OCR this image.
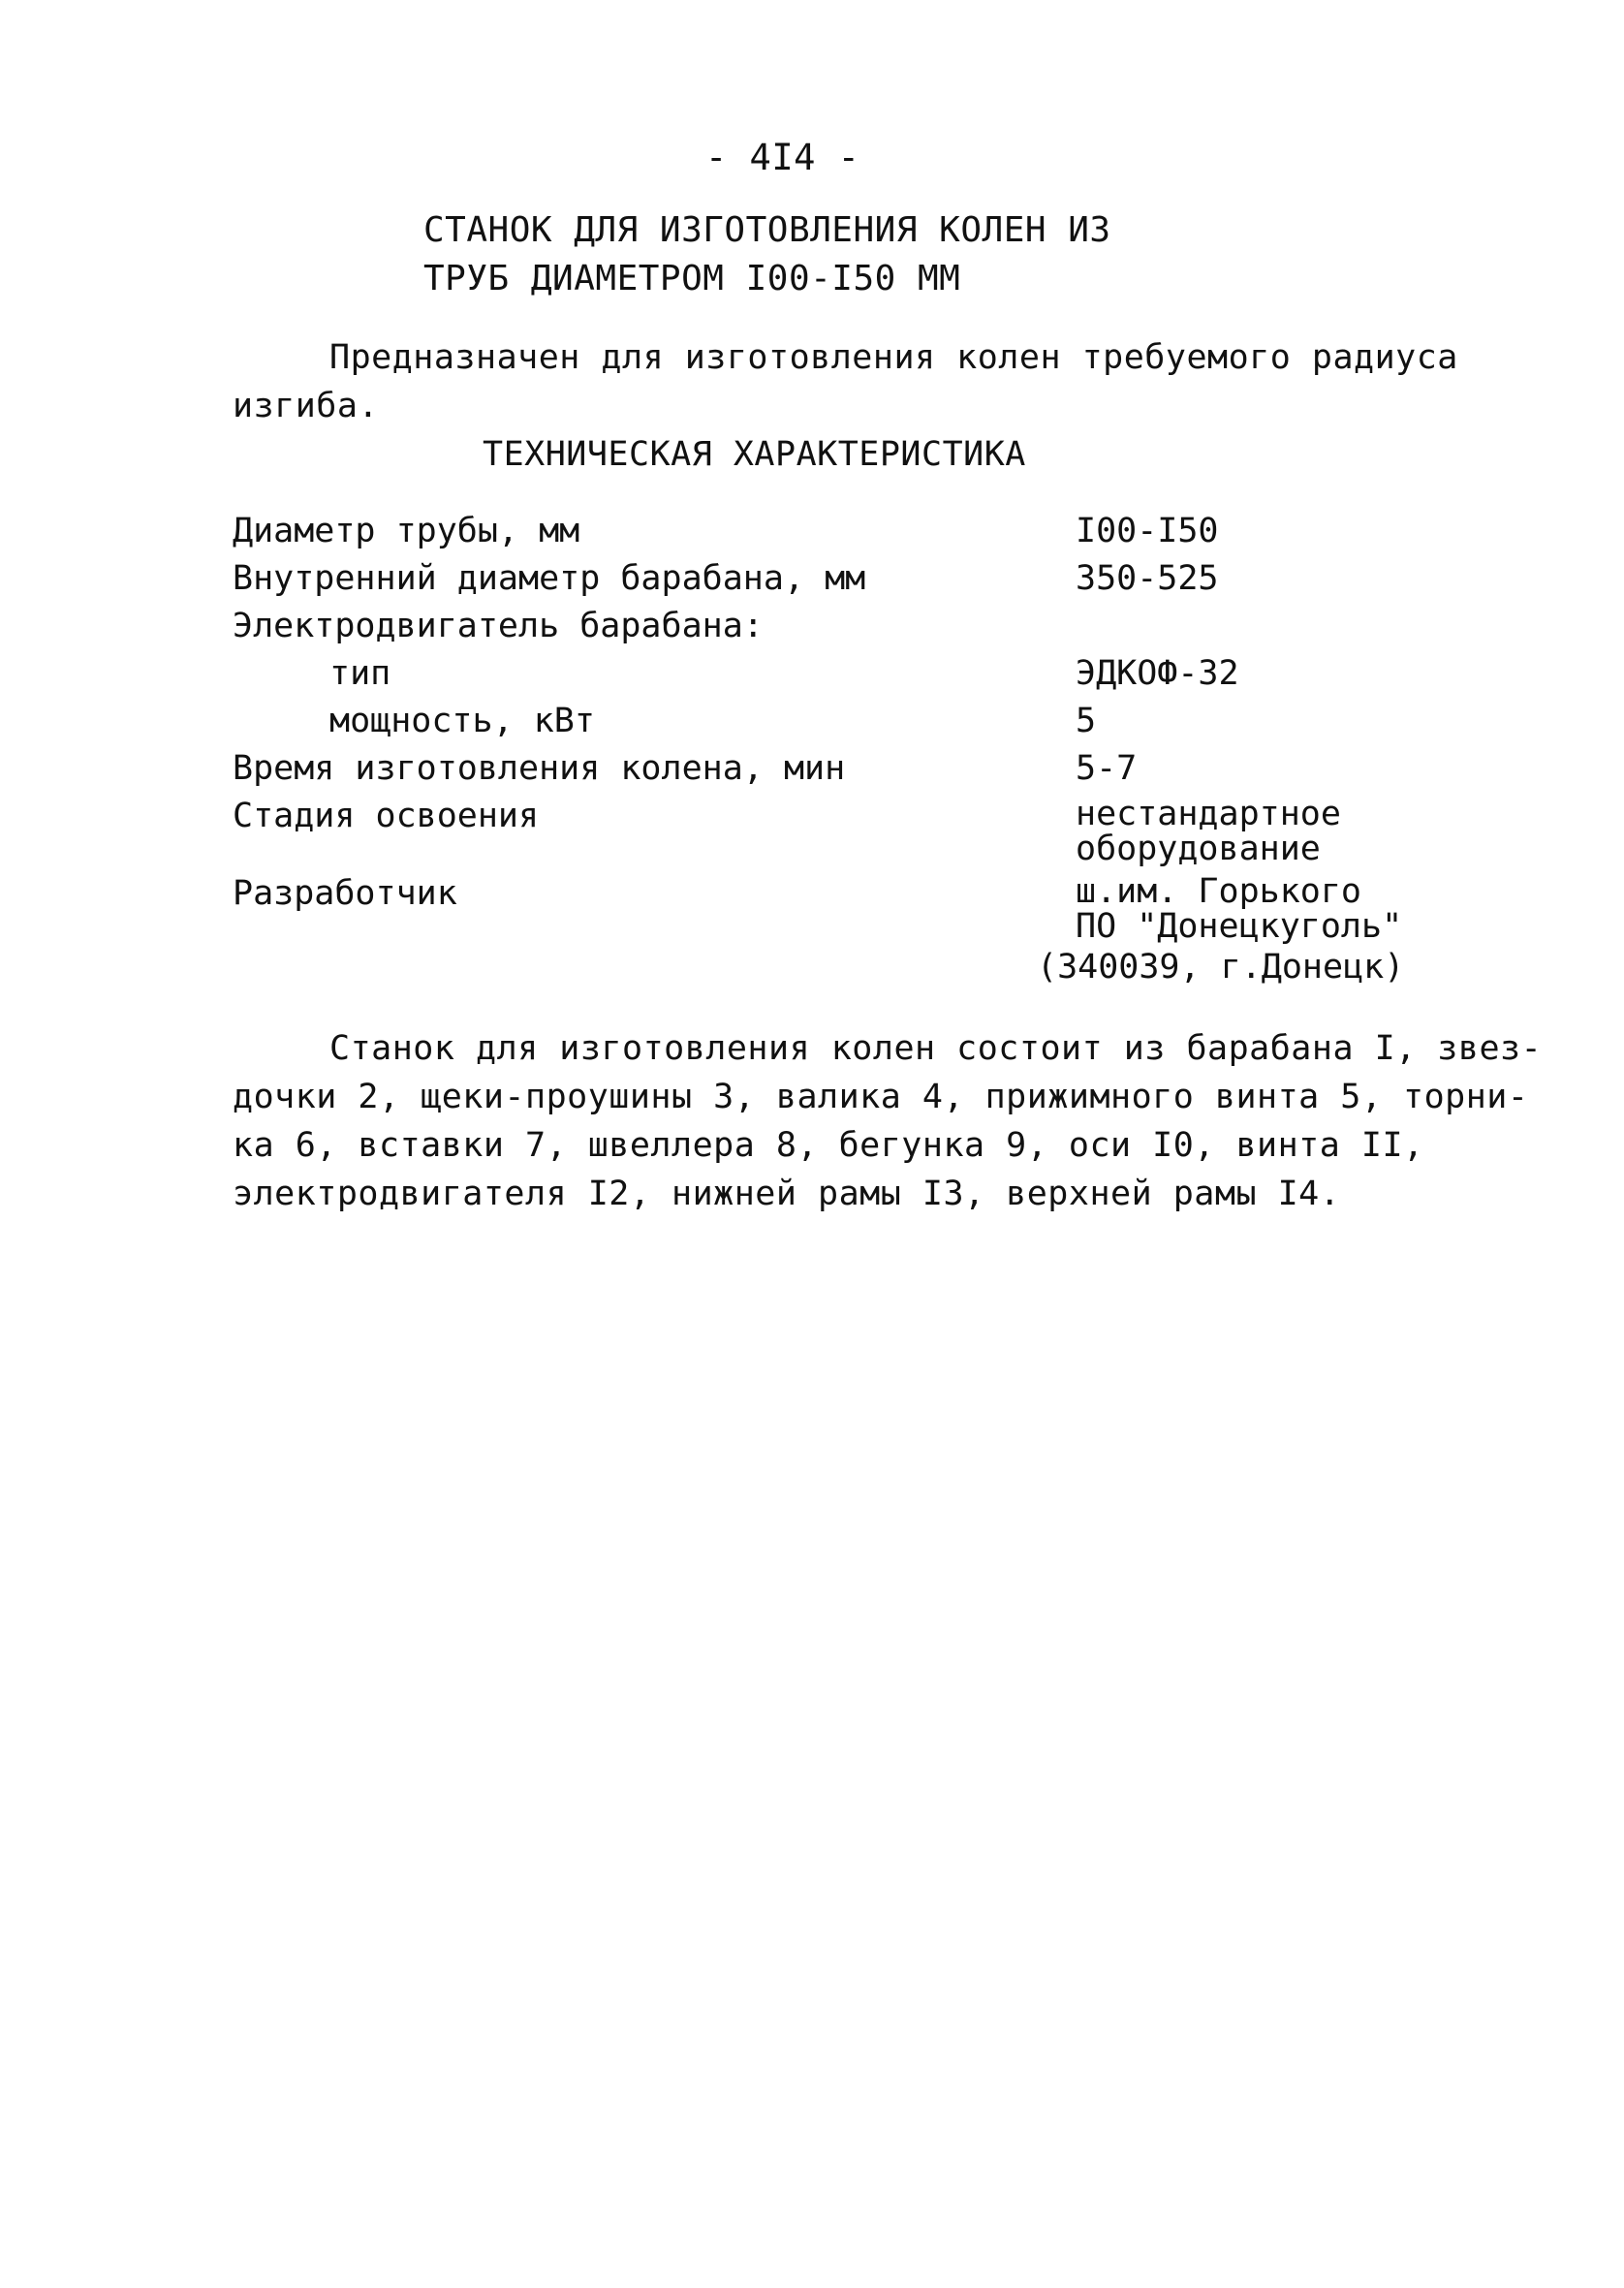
- 4I4 -
СТАНОК ДЛЯ ИЗГОТОВЛЕНИЯ КОЛЕН ИЗ
ТРУБ ДИАМЕТРОМ I00-I50 ММ
Предназначен для изготовления колен требуемого радиуса
изгиба.
ТЕХНИЧЕСКАЯ ХАРАКТЕРИСТИКА
Диаметр трубы, мм	I00-I50
Внутренний диаметр барабана, мм	350-525
Электродвигатель барабана:
тип	ЭДКОФ-32
мощность, кВт	5
Время изготовления колена, мин	5-7
Стадия освоения	нестандартное
оборудование
Разработчик	ш.им. Горького
ПО "Донецкуголь"
(340039, г.Донецк)
Станок для изготовления колен состоит из барабана I, звез-
дочки 2, щеки-проушины 3, валика 4, прижимного винта 5, торни-
ка 6, вставки 7, швеллера 8, бегунка 9, оси I0, винта II,
электродвигателя I2, нижней рамы I3, верхней рамы I4.
